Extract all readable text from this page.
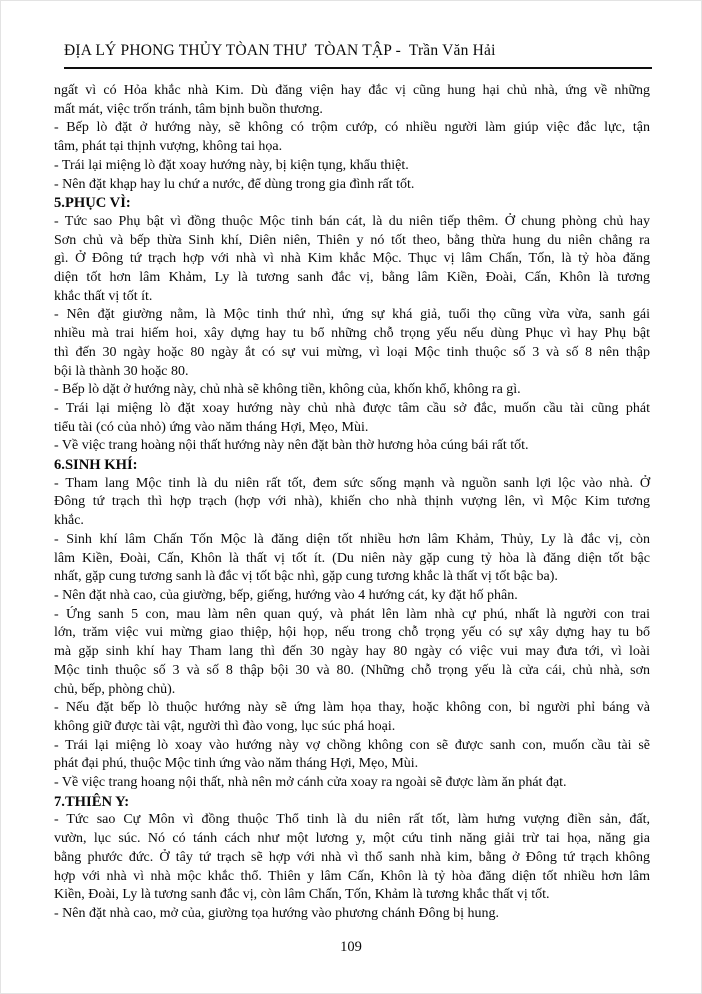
ĐỊA LÝ PHONG THỦY TÒAN THƯ  TÒAN TẬP -  Trần Văn Hải

ngất vì có Hỏa khắc nhà Kim. Dù đăng viện hay đắc vị cũng hung hại chủ nhà, ứng về những
mất mát, việc trốn tránh, tâm bịnh buồn thương.

- Bếp lò đặt ở hướng này, sẽ không có trộm cướp, có nhiều người làm giúp việc đắc lực, tận
tâm, phát tại thịnh vượng, không tai họa.

- Trái lại miệng lò đặt xoay hướng này, bị kiện tụng, khẩu thiệt.

- Nên đặt khạp hay lu chứ a nước, để dùng trong gia đình rất tốt.

5.PHỤC VÌ:

- Tức sao Phụ bật vì đồng thuộc Mộc tinh bán cát, là du niên tiếp thêm. Ở chung phòng chủ hay
Sơn chủ và bếp thừa Sinh khí, Diên niên, Thiên y nó tốt theo, bằng thừa hung du niên chẳng ra
gì. Ở Đông tứ trạch hợp với nhà vì nhà Kim khắc Mộc. Thục vị lâm Chấn, Tốn, là tỷ hòa đăng
diện tốt hơn lâm Khảm, Ly là tương sanh đắc vị, bằng lâm Kiền, Đoài, Cấn, Khôn là tương
khắc thất vị tốt ít.

- Nên đặt giường nằm, là Mộc tinh thứ nhì, ứng sự khá giả, tuổi thọ cũng vừa vừa, sanh gái
nhiều mà trai hiếm hoi, xây dựng hay tu bổ những chỗ trọng yếu nếu dùng Phục vì hay Phụ bật
thì đến 30 ngày hoặc 80 ngày ắt có sự vui mừng, vì loại Mộc tinh thuộc số 3 và số 8 nên thập
bội là thành 30 hoặc 80.

- Bếp lò dặt ở hướng này, chủ nhà sẽ không tiền, không của, khốn khổ, không ra gì.

- Trái lại miệng lò đặt xoay hướng này chủ nhà được tâm cầu sở đắc, muốn cầu tài cũng phát
tiểu tài (có của nhỏ) ứng vào năm tháng Hợi, Mẹo, Mùi.

- Về việc trang hoàng nội thất hướng này nên đặt bàn thờ hương hỏa cúng bái rất tốt.

6.SINH KHÍ:

- Tham lang Mộc tinh là du niên rất tốt, đem sức sống mạnh và nguồn sanh lợi lộc vào nhà. Ở
Đông tứ trạch thì hợp trạch (hợp với nhà), khiến cho nhà thịnh vượng lên, vì Mộc Kim tương
khắc.

- Sinh khí lâm Chấn Tốn Mộc là đăng diện tốt nhiều hơn lâm Khảm, Thủy, Ly là đắc vị, còn
lâm Kiền, Đoài, Cấn, Khôn là thất vị tốt ít. (Du niên này gặp cung tỷ hòa là đăng diện tốt bậc
nhất, gặp cung tương sanh là đắc vị tốt bậc nhì, gặp cung tương khắc là thất vị tốt bậc ba).

- Nên đặt nhà cao, của giường, bếp, giếng, hướng vào 4 hướng cát, ky đặt hố phân.

- Ứng sanh 5 con, mau làm nên quan quý, và phát lên làm nhà cự phú, nhất là người con trai
lớn, trăm việc vui mừng giao thiệp, hội họp, nếu trong chỗ trọng yếu có sự xây dựng hay tu bổ
mà gặp sinh khí hay Tham lang thì đến 30 ngày hay 80 ngày có việc vui may đưa tới, vì loài
Mộc tinh thuộc số 3 và số 8 thập bội 30 và 80. (Những chỗ trọng yếu là cửa cái, chủ nhà, sơn
chủ, bếp, phòng chủ).

- Nếu đặt bếp lò thuộc hướng này sẽ ứng làm họa thay, hoặc không con, bỉ người phỉ báng và
không giữ được tài vật, người thì đào vong, lục súc phá hoại.

- Trái lại miệng lò xoay vào hướng này vợ chồng không con sẽ được sanh con, muốn cầu tài sẽ
phát đại phú, thuộc Mộc tinh ứng vào năm tháng Hợi, Mẹo, Mùi.

- Về việc trang hoang nội thất, nhà nên mở cánh cửa xoay ra ngoài sẽ được làm ăn phát đạt.

7.THIÊN Y:

- Tức sao Cự Môn vì đồng thuộc Thổ tinh là du niên rất tốt, làm hưng vượng điền sản, đất,
vườn, lục súc. Nó có tánh cách như một lương y, một cứu tinh năng giải trừ tai họa, năng gia
bằng phước đức. Ở tây tứ trạch sẽ hợp với nhà vì thổ sanh nhà kim, bằng ở Đông tứ trạch không
hợp với nhà vì nhà mộc khắc thổ. Thiên y lâm Cấn, Khôn là tỷ hòa đăng diện tốt nhiều hơn lâm
Kiền, Đoài, Ly là tương sanh đắc vị, còn lâm Chấn, Tốn, Khảm là tương khắc thất vị tốt.

- Nên đặt nhà cao, mở của, giường tọa hướng vào phương chánh Đông bị hung.

109
